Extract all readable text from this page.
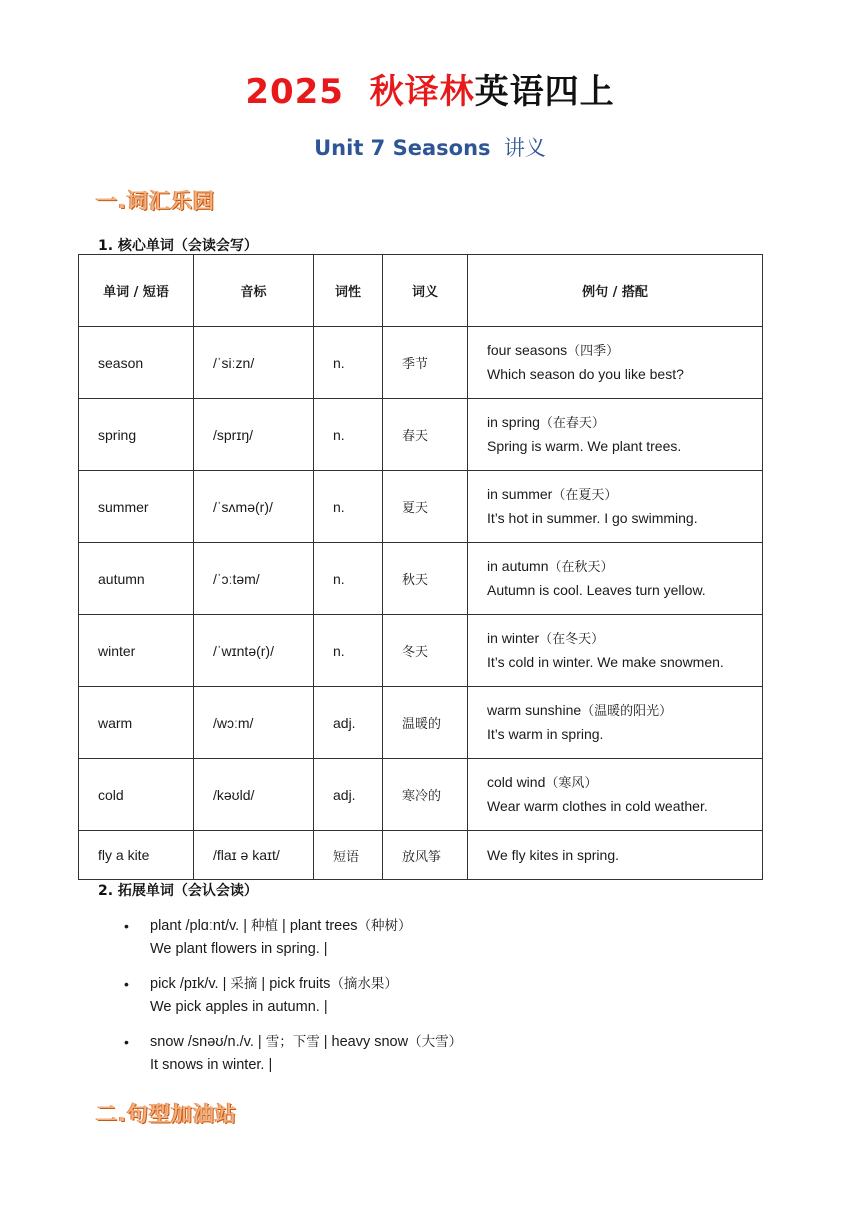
2025 秋译林英语四上
Unit 7 Seasons 讲义
一.词汇乐园
1. 核心单词（会读会写）
单词 / 短语	音标	词性	词义	例句 / 搭配
season	/ˈsiːzn/	n.	季节	four seasons（四季）
Which season do you like best?
spring	/sprɪŋ/	n.	春天	in spring（在春天）
Spring is warm. We plant trees.
summer	/ˈsʌmə(r)/	n.	夏天	in summer（在夏天）
It’s hot in summer. I go swimming.
autumn	/ˈɔːtəm/	n.	秋天	in autumn（在秋天）
Autumn is cool. Leaves turn yellow.
winter	/ˈwɪntə(r)/	n.	冬天	in winter（在冬天）
It’s cold in winter. We make snowmen.
warm	/wɔːm/	adj.	温暖的	warm sunshine（温暖的阳光）
It’s warm in spring.
cold	/kəʊld/	adj.	寒冷的	cold wind（寒风）
Wear warm clothes in cold weather.
fly a kite	/flaɪ ə kaɪt/	短语	放风筝	We fly kites in spring.
2. 拓展单词（会认会读）
• plant /plɑːnt/v. | 种植 | plant trees（种树）
We plant flowers in spring. |
• pick /pɪk/v. | 采摘 | pick fruits（摘水果）
We pick apples in autumn. |
• snow /snəʊ/n./v. | 雪；下雪 | heavy snow（大雪）
It snows in winter. |
二.句型加油站
